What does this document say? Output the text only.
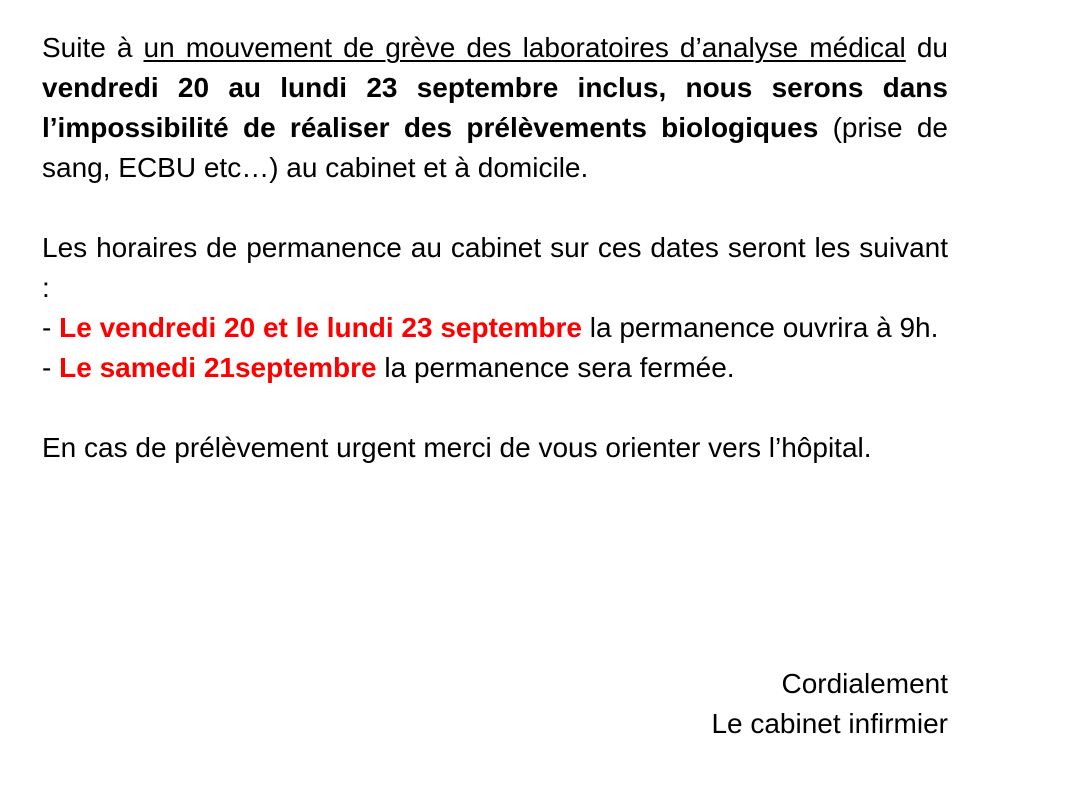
Suite à un mouvement de grève des laboratoires d’analyse médical du vendredi 20 au lundi 23 septembre inclus, nous serons dans l’impossibilité de réaliser des prélèvements biologiques (prise de sang, ECBU etc…) au cabinet et à domicile.

Les horaires de permanence au cabinet sur ces dates seront les suivant :
- Le vendredi 20 et le lundi 23 septembre la permanence ouvrira à 9h.
- Le samedi 21septembre la permanence sera fermée.

En cas de prélèvement urgent merci de vous orienter vers l’hôpital.

Cordialement
Le cabinet infirmier
